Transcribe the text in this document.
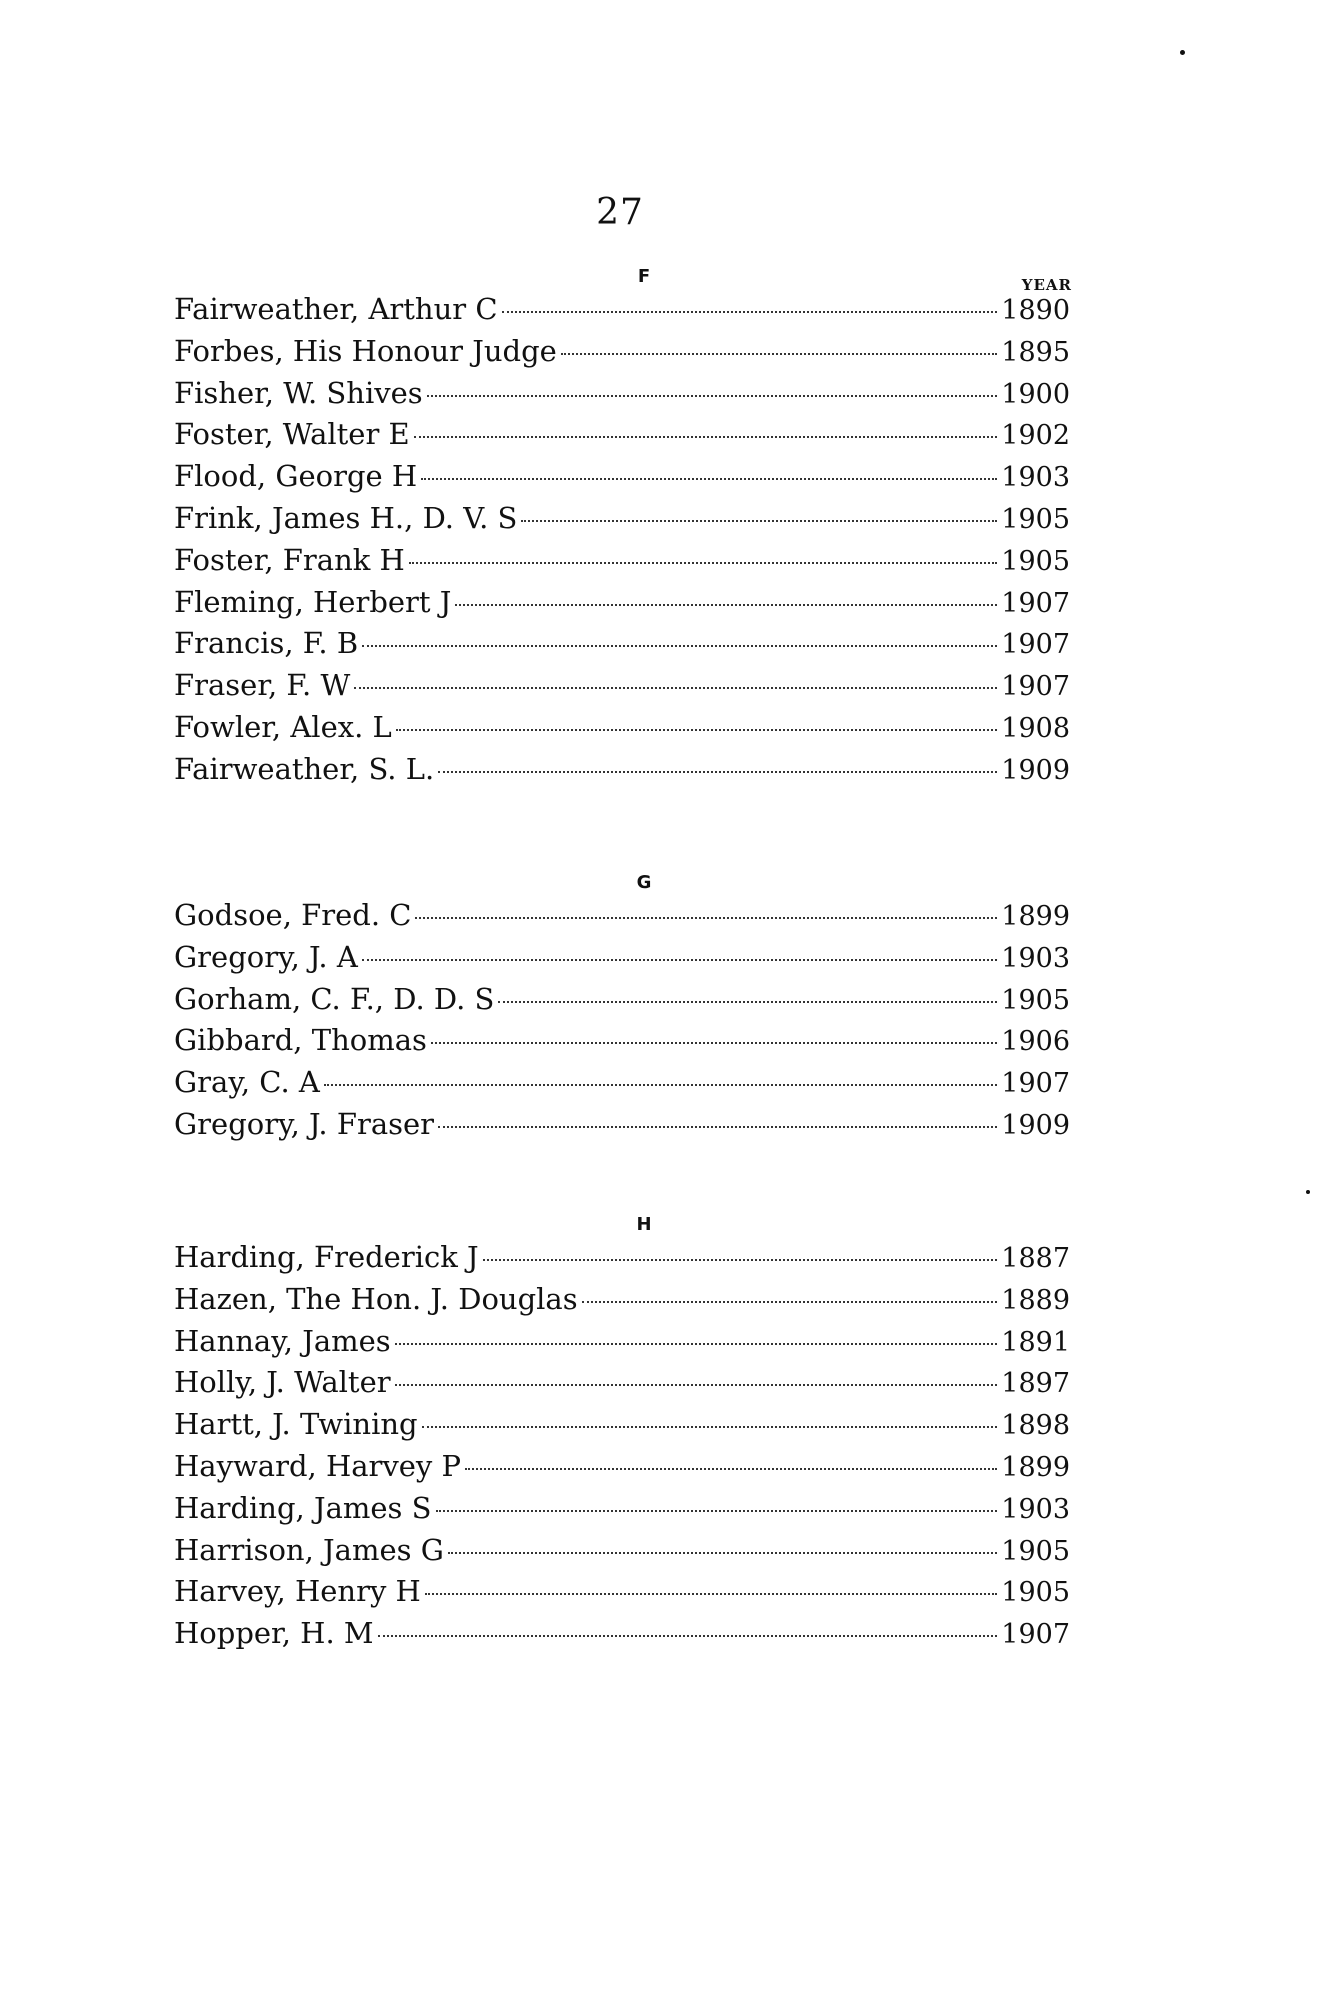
27
YEAR
F
Fairweather, Arthur C	1890
Forbes, His Honour Judge	1895
Fisher, W. Shives	1900
Foster, Walter E	1902
Flood, George H	1903
Frink, James H., D. V. S	1905
Foster, Frank H	1905
Fleming, Herbert J	1907
Francis, F. B	1907
Fraser, F. W	1907
Fowler, Alex. L	1908
Fairweather, S. L.	1909
G
Godsoe, Fred. C	1899
Gregory, J. A	1903
Gorham, C. F., D. D. S	1905
Gibbard, Thomas	1906
Gray, C. A	1907
Gregory, J. Fraser	1909
H
Harding, Frederick J	1887
Hazen, The Hon. J. Douglas	1889
Hannay, James	1891
Holly, J. Walter	1897
Hartt, J. Twining	1898
Hayward, Harvey P	1899
Harding, James S	1903
Harrison, James G	1905
Harvey, Henry H	1905
Hopper, H. M	1907
